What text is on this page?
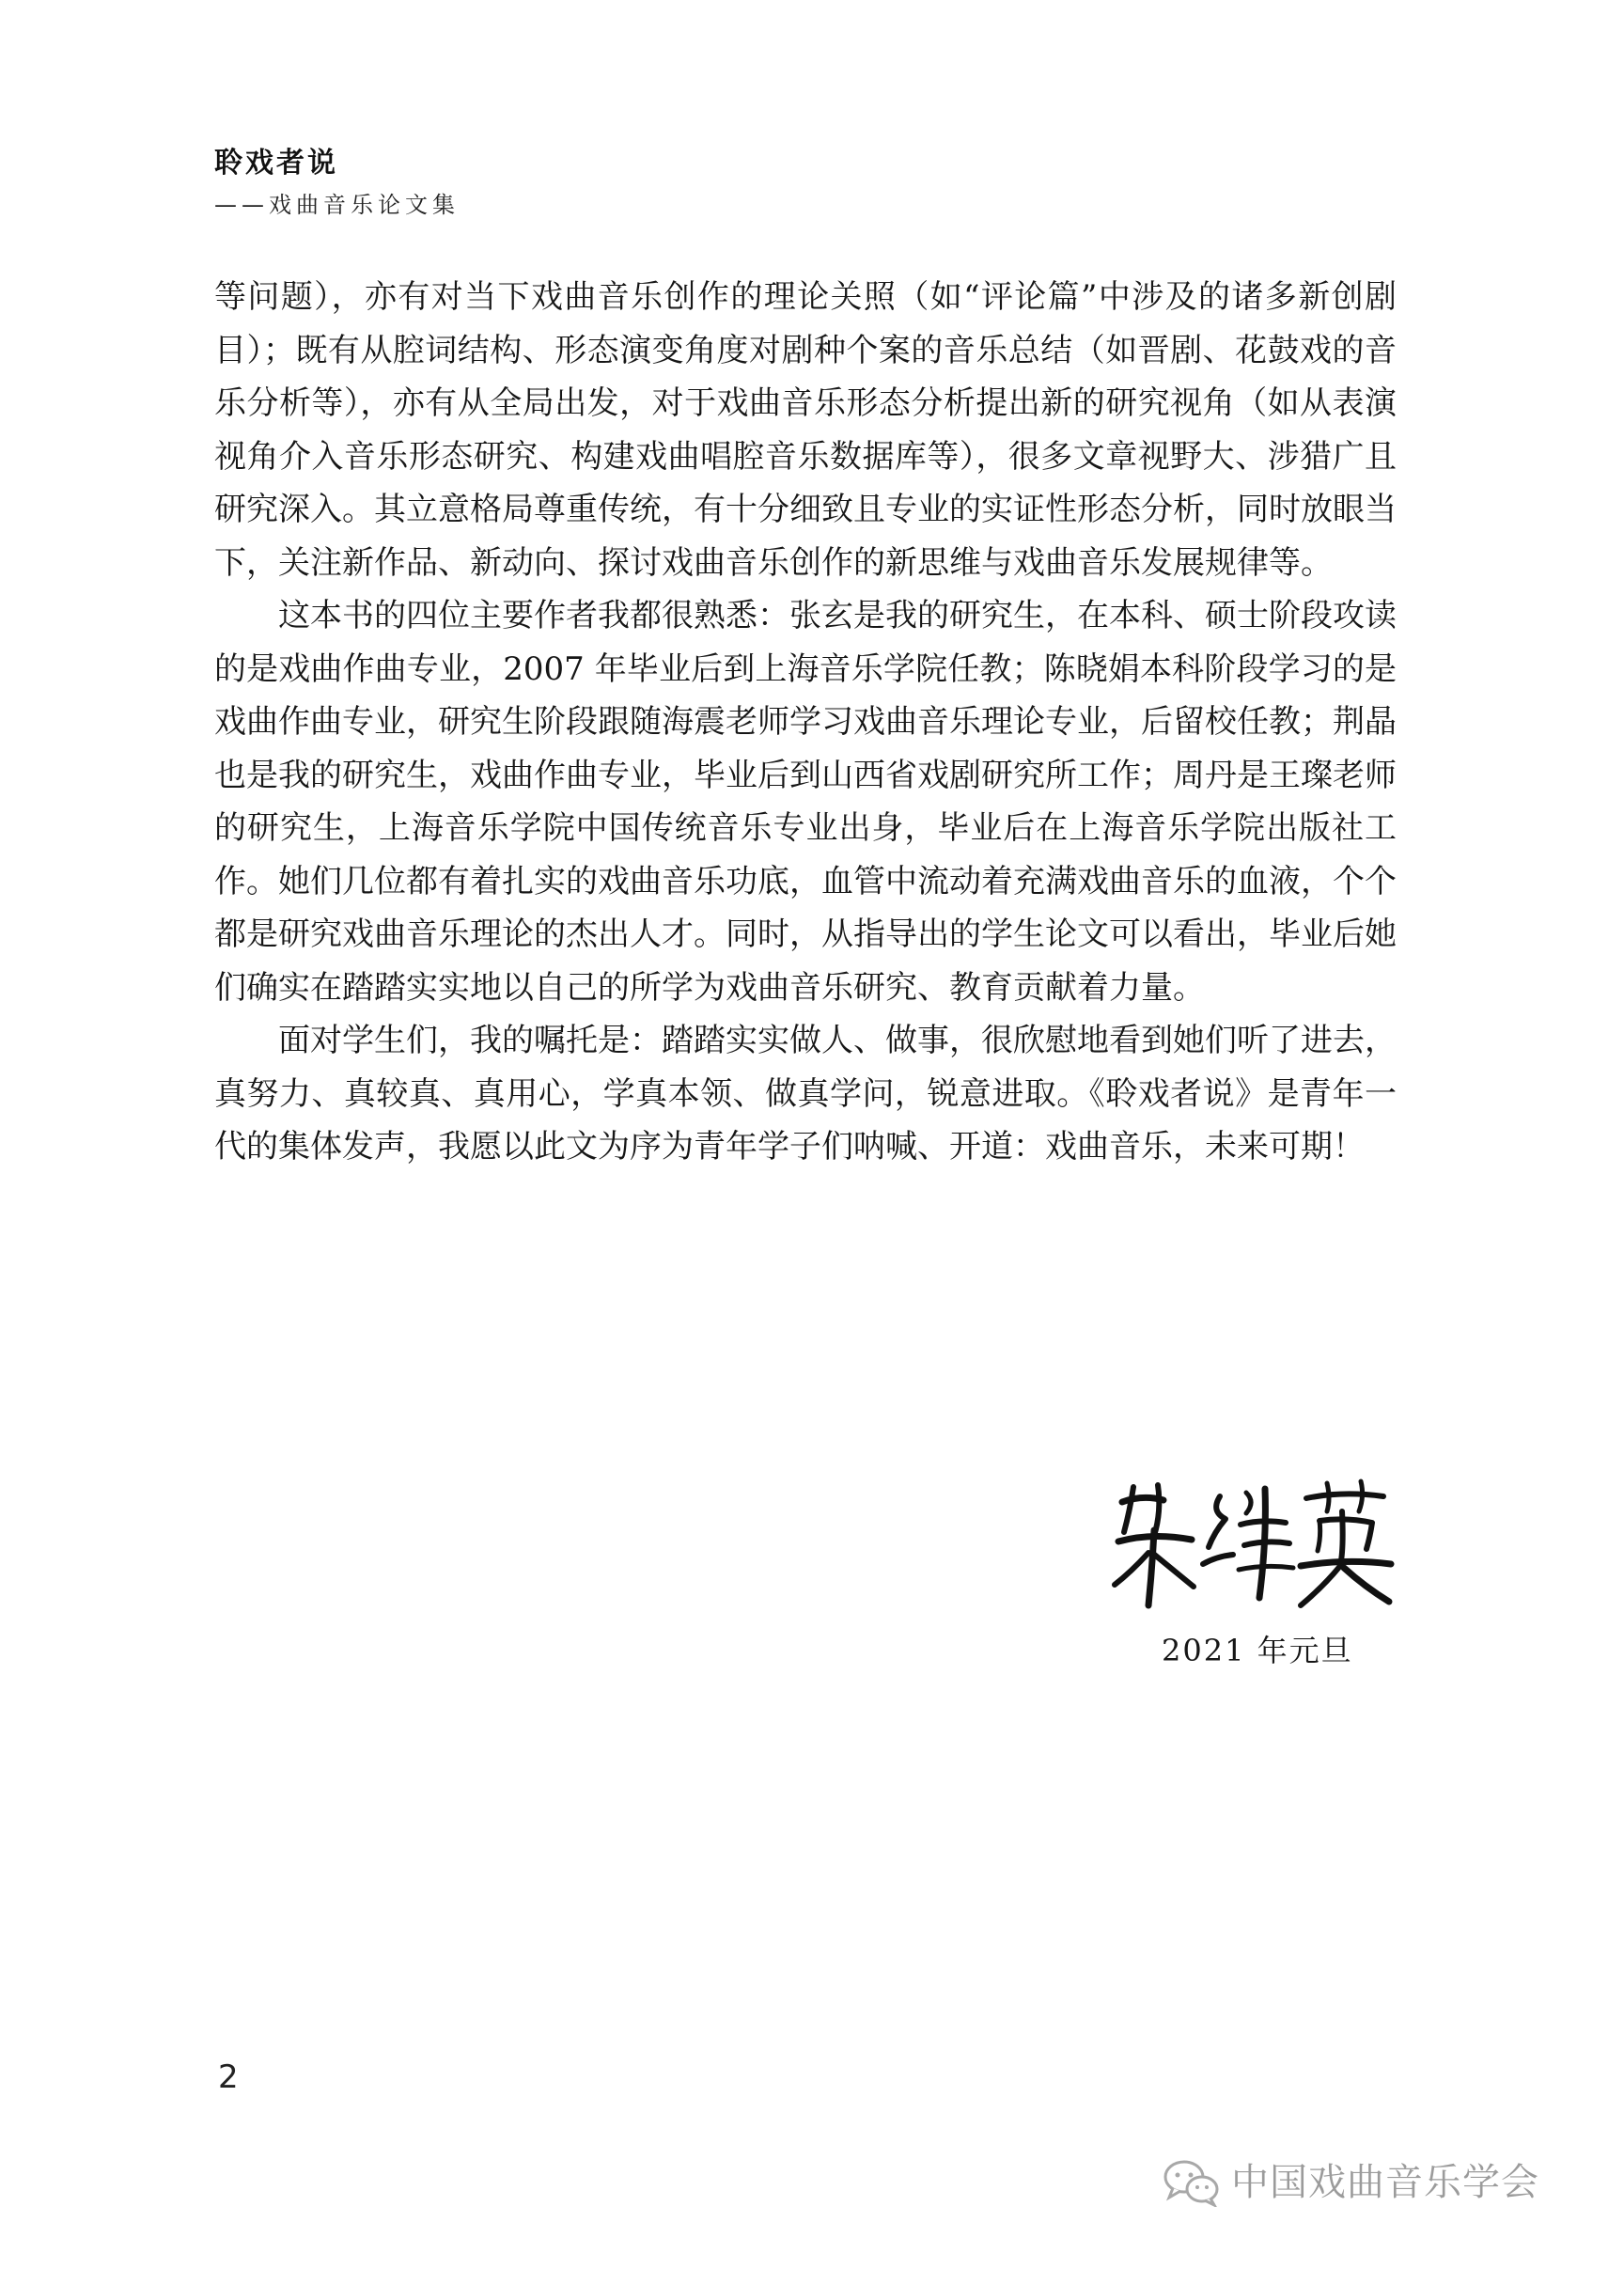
聆戏者说
——戏曲音乐论文集

等问题），亦有对当下戏曲音乐创作的理论关照（如“评论篇”中涉及的诸多新创剧目）；既有从腔词结构、形态演变角度对剧种个案的音乐总结（如晋剧、花鼓戏的音乐分析等），亦有从全局出发，对于戏曲音乐形态分析提出新的研究视角（如从表演视角介入音乐形态研究、构建戏曲唱腔音乐数据库等），很多文章视野大、涉猎广且研究深入。其立意格局尊重传统，有十分细致且专业的实证性形态分析，同时放眼当下，关注新作品、新动向、探讨戏曲音乐创作的新思维与戏曲音乐发展规律等。

这本书的四位主要作者我都很熟悉：张玄是我的研究生，在本科、硕士阶段攻读的是戏曲作曲专业，2007 年毕业后到上海音乐学院任教；陈晓娟本科阶段学习的是戏曲作曲专业，研究生阶段跟随海震老师学习戏曲音乐理论专业，后留校任教；荆晶也是我的研究生，戏曲作曲专业，毕业后到山西省戏剧研究所工作；周丹是王璨老师的研究生，上海音乐学院中国传统音乐专业出身，毕业后在上海音乐学院出版社工作。她们几位都有着扎实的戏曲音乐功底，血管中流动着充满戏曲音乐的血液，个个都是研究戏曲音乐理论的杰出人才。同时，从指导出的学生论文可以看出，毕业后她们确实在踏踏实实地以自己的所学为戏曲音乐研究、教育贡献着力量。

面对学生们，我的嘱托是：踏踏实实做人、做事，很欣慰地看到她们听了进去，真努力、真较真、真用心，学真本领、做真学问，锐意进取。《聆戏者说》是青年一代的集体发声，我愿以此文为序为青年学子们呐喊、开道：戏曲音乐，未来可期！

2021 年元旦
2
中国戏曲音乐学会
